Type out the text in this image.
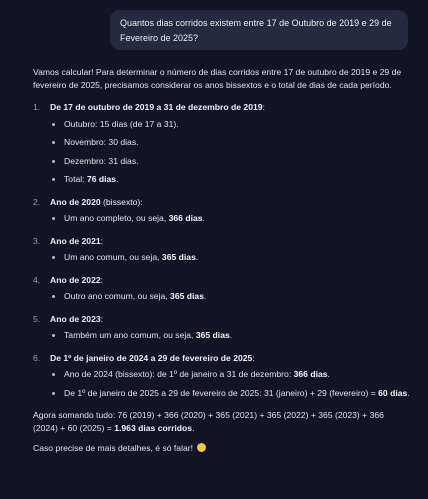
Quantos dias corridos existem entre 17 de Outubro de 2019 e 29 de Fevereiro de 2025?

Vamos calcular! Para determinar o número de dias corridos entre 17 de outubro de 2019 e 29 de fevereiro de 2025, precisamos considerar os anos bissextos e o total de dias de cada período.

1. De 17 de outubro de 2019 a 31 de dezembro de 2019:
Outubro: 15 dias (de 17 a 31).
Novembro: 30 dias.
Dezembro: 31 dias.
Total: 76 dias.
2. Ano de 2020 (bissexto):
Um ano completo, ou seja, 366 dias.
3. Ano de 2021:
Um ano comum, ou seja, 365 dias.
4. Ano de 2022:
Outro ano comum, ou seja, 365 dias.
5. Ano de 2023:
Também um ano comum, ou seja, 365 dias.
6. De 1º de janeiro de 2024 a 29 de fevereiro de 2025:
Ano de 2024 (bissexto): de 1º de janeiro a 31 de dezembro: 366 dias.
De 1º de janeiro de 2025 a 29 de fevereiro de 2025: 31 (janeiro) + 29 (fevereiro) = 60 dias.

Agora somando tudo: 76 (2019) + 366 (2020) + 365 (2021) + 365 (2022) + 365 (2023) + 366 (2024) + 60 (2025) = 1.963 dias corridos.

Caso precise de mais detalhes, é só falar!
